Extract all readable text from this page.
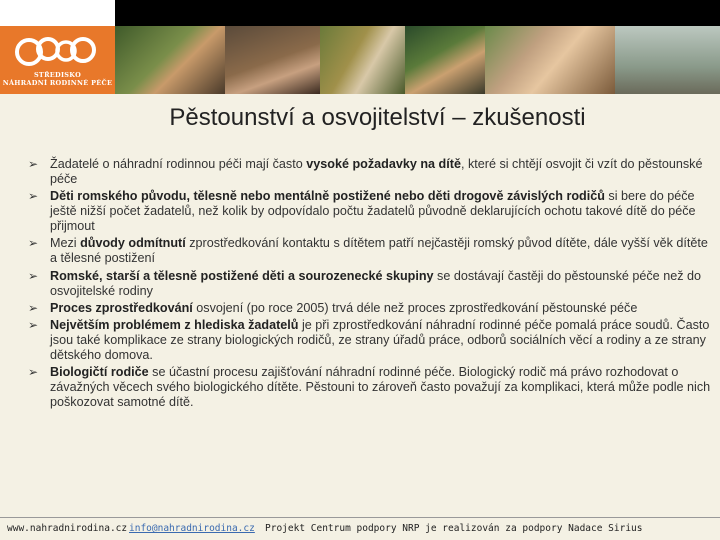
STŘEDISKO
NÁHRADNÍ RODINNÉ PÉČE
Pěstounství a osvojitelství – zkušenosti
➢ Žadatelé o náhradní rodinnou péči mají často vysoké požadavky na dítě, které si chtějí osvojit či vzít do pěstounské péče
➢ Děti romského původu, tělesně nebo mentálně postižené nebo děti drogově závislých rodičů si bere do péče ještě nižší počet žadatelů, než kolik by odpovídalo počtu žadatelů původně deklarujících ochotu takové dítě do péče přijmout
➢ Mezi důvody odmítnutí zprostředkování kontaktu s dítětem patří nejčastěji romský původ dítěte, dále vyšší věk dítěte a tělesné postižení
➢ Romské, starší a tělesně postižené děti a sourozenecké skupiny se dostávají častěji do pěstounské péče než do osvojitelské rodiny
➢ Proces zprostředkování osvojení (po roce 2005) trvá déle než proces zprostředkování pěstounské péče
➢ Největším problémem z hlediska žadatelů je při zprostředkování náhradní rodinné péče pomalá práce soudů. Často jsou také komplikace ze strany biologických rodičů, ze strany úřadů práce, odborů sociálních věcí a rodiny a ze strany dětského domova.
➢ Biologičtí rodiče se účastní procesu zajišťování náhradní rodinné péče. Biologický rodič má právo rozhodovat o závažných věcech svého biologického dítěte. Pěstouni to zároveň často považují za komplikaci, která může podle nich poškozovat samotné dítě.
www.nahradnirodina.cz info@nahradnirodina.cz Projekt Centrum podpory NRP je realizován za podpory Nadace Sirius
